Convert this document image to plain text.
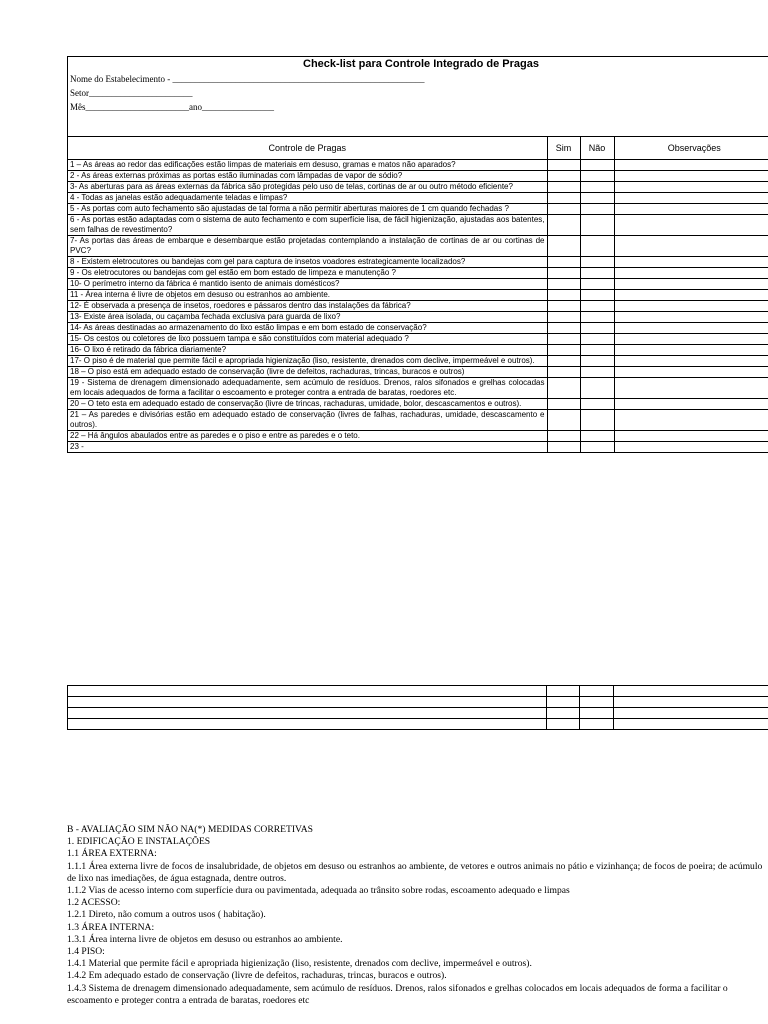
Check-list para Controle Integrado de Pragas
Nome do Estabelecimento - ________________________________________________________
Setor_______________________
Mês_______________________ano________________
Controle de Pragas	Sim	Não	Observações
1 – As áreas ao redor das edificações estão limpas de materiais em desuso, gramas e matos não aparados?			
2 - As áreas externas próximas as portas estão iluminadas com lâmpadas de vapor de sódio?			
3- As aberturas para as áreas externas da fábrica são protegidas pelo uso de telas, cortinas de ar ou outro método eficiente?			
4 - Todas as janelas estão adequadamente teladas e limpas?			
5 - As portas com auto fechamento são ajustadas de tal forma a não permitir aberturas maiores de 1 cm quando fechadas ?			
6 - As portas estão adaptadas com o sistema de auto fechamento e com superfície lisa, de fácil higienização, ajustadas aos batentes, sem falhas de revestimento?			
7- As portas das áreas de embarque e desembarque estão projetadas contemplando a instalação de cortinas de ar ou cortinas de PVC?			
8 - Existem eletrocutores ou bandejas com gel para captura de insetos voadores estrategicamente localizados?			
9 - Os eletrocutores ou bandejas com gel estão em bom estado de limpeza e manutenção ?			
10- O perímetro interno da fábrica é mantido isento de animais domésticos?			
11 - Área interna é livre de objetos em desuso ou estranhos ao ambiente.			
12- É observada a presença de insetos, roedores e pássaros dentro das instalações da fábrica?			
13- Existe área isolada, ou caçamba fechada exclusiva para guarda de lixo?			
14- As áreas destinadas ao armazenamento do lixo estão limpas e em bom estado de conservação?			
15- Os cestos ou coletores de lixo possuem tampa e são constituídos com material adequado ?			
16- O lixo é retirado da fábrica diariamente?			
17- O piso é de material que permite fácil e apropriada higienização (liso, resistente, drenados com declive, impermeável e outros).			
18 – O piso está em adequado estado de conservação (livre de defeitos, rachaduras, trincas, buracos e outros)			
19 - Sistema de drenagem dimensionado adequadamente, sem acúmulo de resíduos. Drenos, ralos sifonados e grelhas colocadas em locais adequados de forma a facilitar o escoamento e proteger contra a entrada de baratas, roedores etc.			
20 – O teto esta em adequado estado de conservação (livre de trincas, rachaduras, umidade, bolor, descascamentos e outros).			
21 – As paredes e divisórias estão em adequado estado de conservação (livres de falhas, rachaduras, umidade, descascamento e outros).			
22 – Há ângulos abaulados entre as paredes e o piso e entre as paredes e o teto.			
23 -			

B - AVALIAÇÃO SIM NÃO NA(*) MEDIDAS CORRETIVAS

1. EDIFICAÇÃO E INSTALAÇÕES

1.1 ÁREA EXTERNA:

1.1.1 Área externa livre de focos de insalubridade, de objetos em desuso ou estranhos ao ambiente, de vetores e outros animais no pátio e vizinhança; de focos de poeira; de acúmulo de lixo nas imediações, de água estagnada, dentre outros.

1.1.2 Vias de acesso interno com superfície dura ou pavimentada, adequada ao trânsito sobre rodas, escoamento adequado e limpas

1.2 ACESSO:

1.2.1 Direto, não comum a outros usos ( habitação).

1.3 ÁREA INTERNA:

1.3.1 Área interna livre de objetos em desuso ou estranhos ao ambiente.

1.4 PISO:

1.4.1 Material que permite fácil e apropriada higienização (liso, resistente, drenados com declive, impermeável e outros).

1.4.2 Em adequado estado de conservação (livre de defeitos, rachaduras, trincas, buracos e outros).

1.4.3 Sistema de drenagem dimensionado adequadamente, sem acúmulo de resíduos. Drenos, ralos sifonados e grelhas colocados em locais adequados de forma a facilitar o escoamento e proteger contra a entrada de baratas, roedores etc
